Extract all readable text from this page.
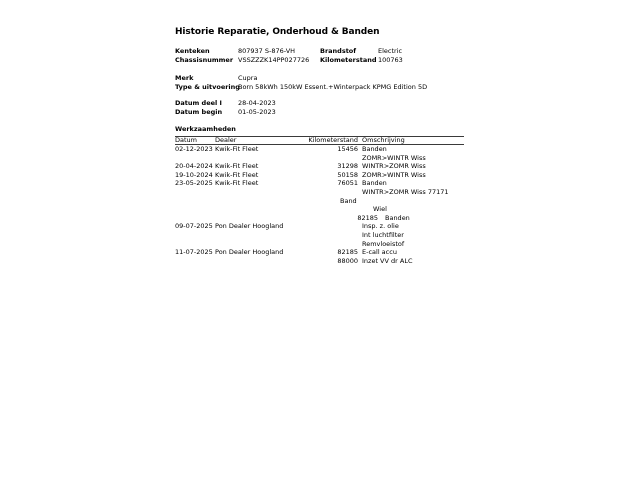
Historie Reparatie, Onderhoud & Banden
Kenteken	807937 S-876-VH	Brandstof	Electric
Chassisnummer VSSZZZK14PP027726 Kilometerstand 100763
Merk	Cupra
Type & uitvoering
Born 58kWh 150kW Essent.+Winterpack KPMG Edition 5D
Datum deel I 28-04-2023
Datum begin 01-05-2023
Werkzaamheden
Datum	Dealer	Kilometerstand Omschrijving
02-12-2023 Kwik-Fit Fleet	15456 Banden
ZOMR>WINTR Wiss
20-04-2024 Kwik-Fit Fleet	31298 WINTR>ZOMR Wiss
19-10-2024 Kwik-Fit Fleet	50158 ZOMR>WINTR Wiss
23-05-2025 Kwik-Fit Fleet	76051 Banden
WINTR>ZOMR Wiss 77171
Band
Wiel
82185 Banden
09-07-2025 Pon Dealer Hoogland	Insp. z. olie
Int luchtfilter
Remvloeistof
11-07-2025 Pon Dealer Hoogland	82185 E-call accu
88000 Inzet VV dr ALC
